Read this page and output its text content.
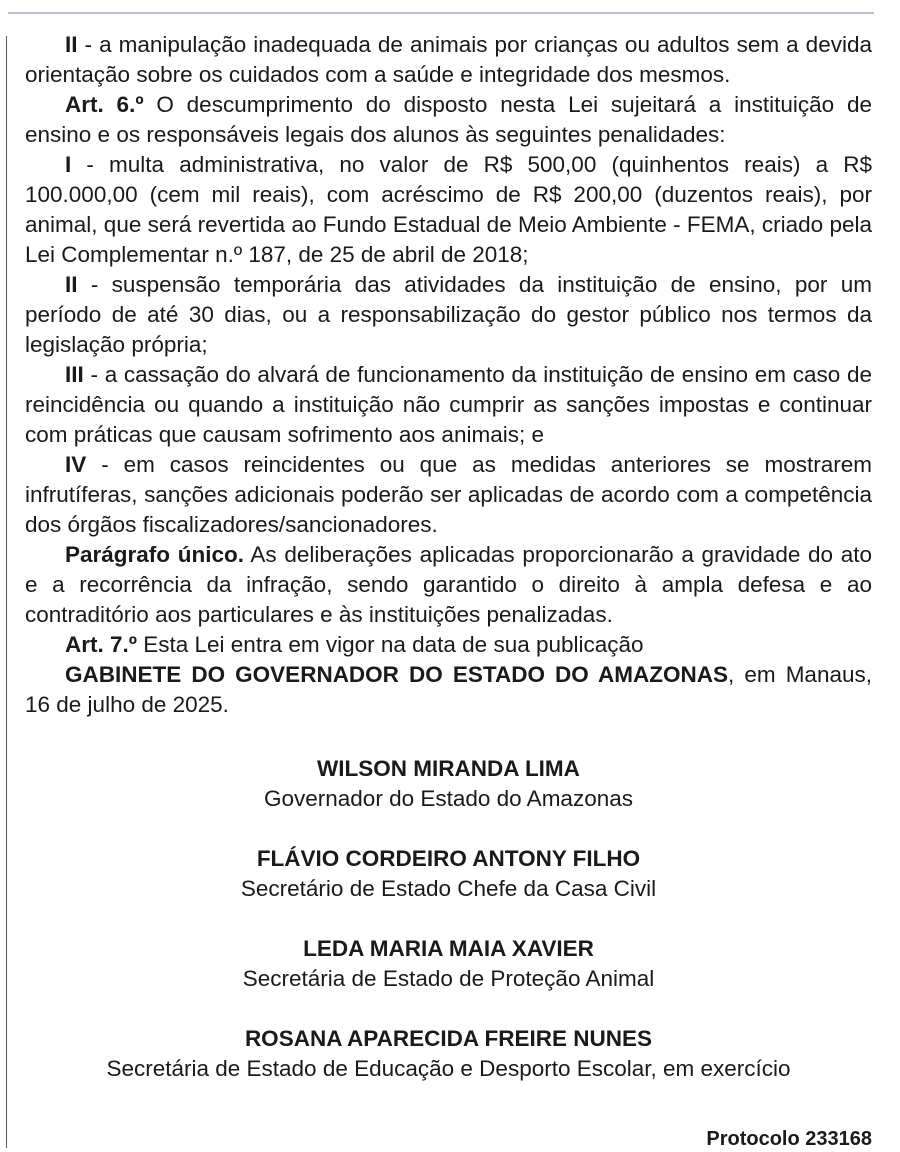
II - a manipulação inadequada de animais por crianças ou adultos sem a devida orientação sobre os cuidados com a saúde e integridade dos mesmos.

Art. 6.º O descumprimento do disposto nesta Lei sujeitará a instituição de ensino e os responsáveis legais dos alunos às seguintes penalidades:

I - multa administrativa, no valor de R$ 500,00 (quinhentos reais) a R$ 100.000,00 (cem mil reais), com acréscimo de R$ 200,00 (duzentos reais), por animal, que será revertida ao Fundo Estadual de Meio Ambiente - FEMA, criado pela Lei Complementar n.º 187, de 25 de abril de 2018;

II - suspensão temporária das atividades da instituição de ensino, por um período de até 30 dias, ou a responsabilização do gestor público nos termos da legislação própria;

III - a cassação do alvará de funcionamento da instituição de ensino em caso de reincidência ou quando a instituição não cumprir as sanções impostas e continuar com práticas que causam sofrimento aos animais; e

IV - em casos reincidentes ou que as medidas anteriores se mostrarem infrutíferas, sanções adicionais poderão ser aplicadas de acordo com a competência dos órgãos fiscalizadores/sancionadores.

Parágrafo único. As deliberações aplicadas proporcionarão a gravidade do ato e a recorrência da infração, sendo garantido o direito à ampla defesa e ao contraditório aos particulares e às instituições penalizadas.

Art. 7.º Esta Lei entra em vigor na data de sua publicação

GABINETE DO GOVERNADOR DO ESTADO DO AMAZONAS, em Manaus, 16 de julho de 2025.

WILSON MIRANDA LIMA

Governador do Estado do Amazonas

FLÁVIO CORDEIRO ANTONY FILHO

Secretário de Estado Chefe da Casa Civil

LEDA MARIA MAIA XAVIER

Secretária de Estado de Proteção Animal

ROSANA APARECIDA FREIRE NUNES

Secretária de Estado de Educação e Desporto Escolar, em exercício

Protocolo 233168
